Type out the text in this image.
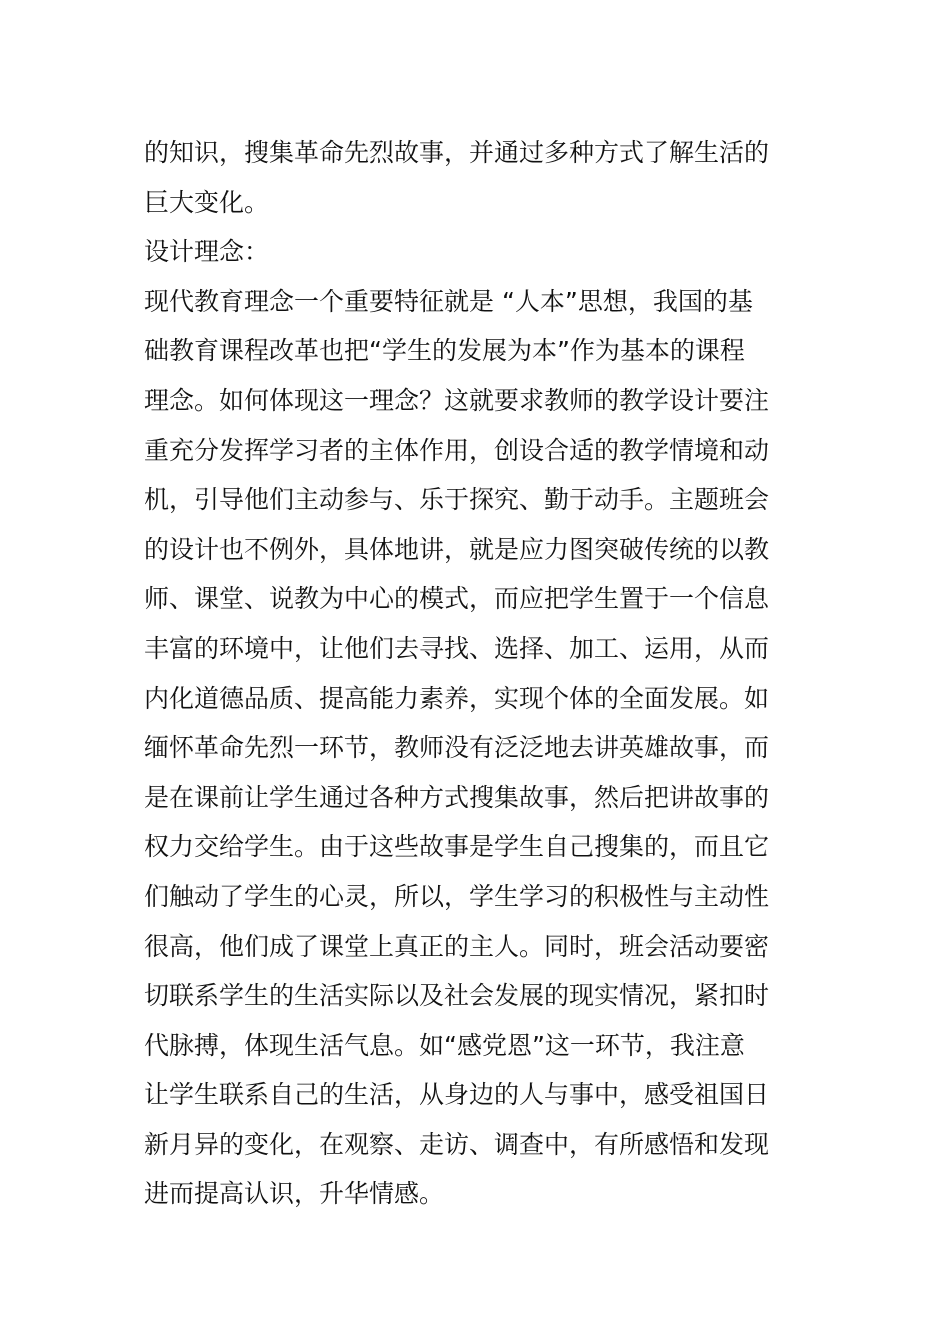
的知识，搜集革命先烈故事，并通过多种方式了解生活的
巨大变化。
设计理念：
现代教育理念一个重要特征就是 “人本”思想，我国的基
础教育课程改革也把“学生的发展为本”作为基本的课程
理念。如何体现这一理念？这就要求教师的教学设计要注
重充分发挥学习者的主体作用，创设合适的教学情境和动
机，引导他们主动参与、乐于探究、勤于动手。主题班会
的设计也不例外，具体地讲，就是应力图突破传统的以教
师、课堂、说教为中心的模式，而应把学生置于一个信息
丰富的环境中，让他们去寻找、选择、加工、运用，从而
内化道德品质、提高能力素养，实现个体的全面发展。如
缅怀革命先烈一环节，教师没有泛泛地去讲英雄故事，而
是在课前让学生通过各种方式搜集故事，然后把讲故事的
权力交给学生。由于这些故事是学生自己搜集的，而且它
们触动了学生的心灵，所以，学生学习的积极性与主动性
很高，他们成了课堂上真正的主人。同时，班会活动要密
切联系学生的生活实际以及社会发展的现实情况，紧扣时
代脉搏，体现生活气息。如“感党恩”这一环节，我注意
让学生联系自己的生活，从身边的人与事中，感受祖国日
新月异的变化，在观察、走访、调查中，有所感悟和发现
进而提高认识，升华情感。
